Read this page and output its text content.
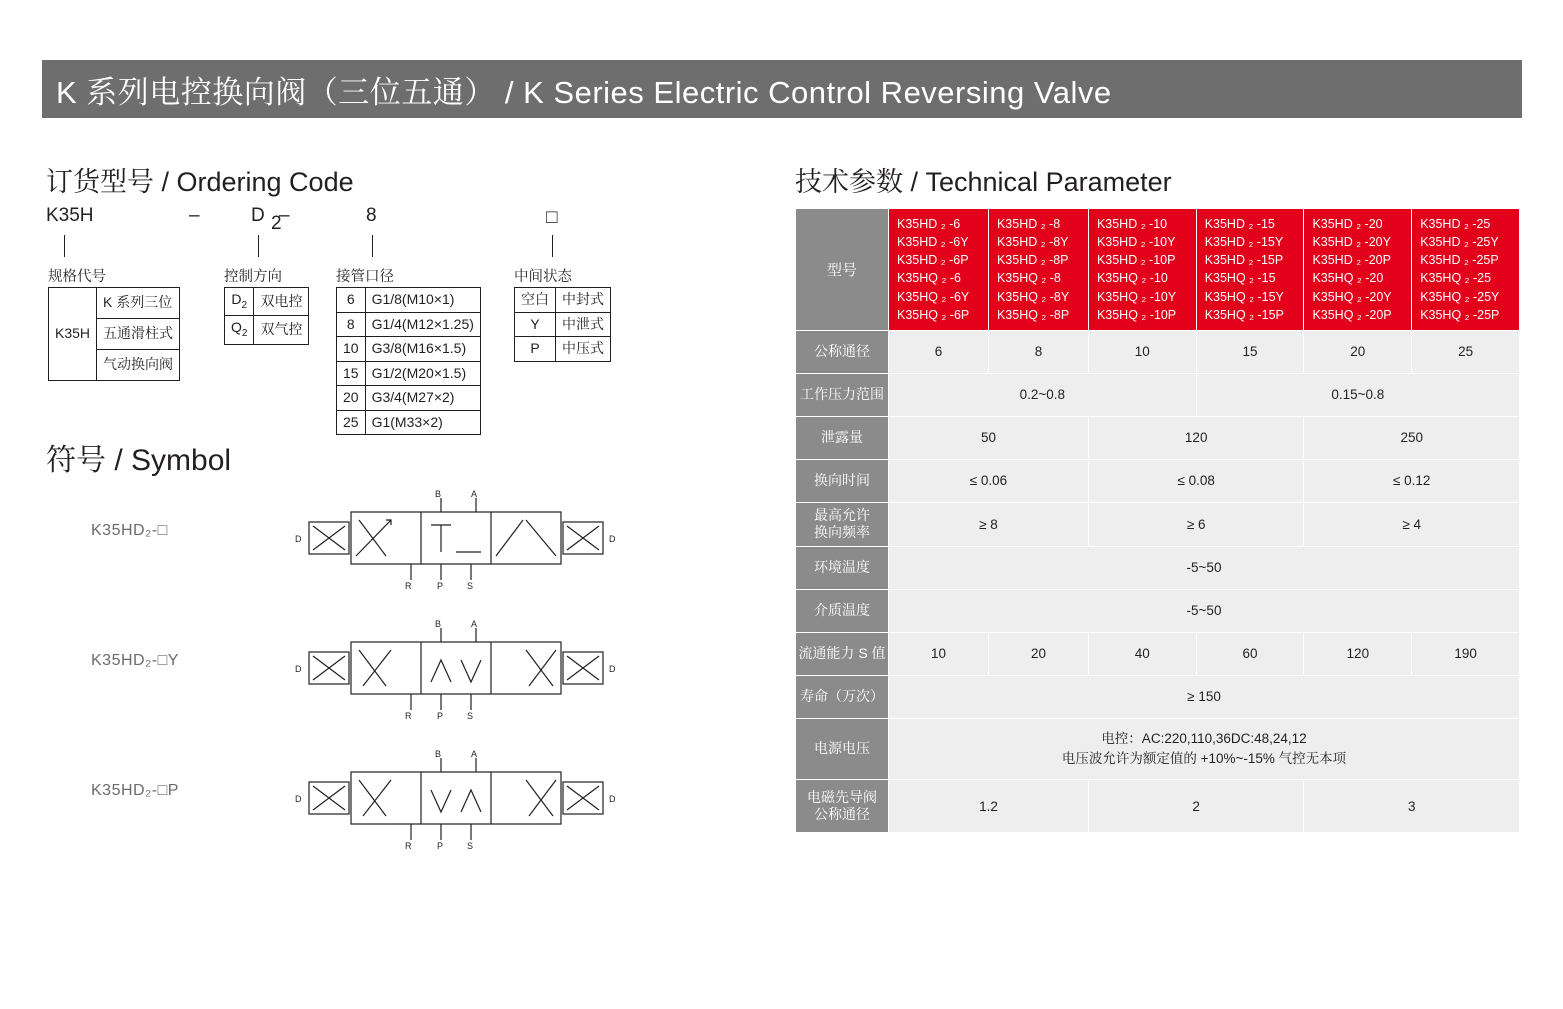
K 系列电控换向阀（三位五通） / K Series Electric Control Reversing Valve
订货型号 / Ordering Code
K35H	–	D 2
–	8	□
规格代号	控制方向	接管口径	中间状态
K35H	K 系列三位
五通滑柱式
气动换向阀
$D_2$	双电控
$Q_2$	双气控
6	G1/8(M10×1)
8	G1/4(M12×1.25)
10	G3/8(M16×1.5)
15	G1/2(M20×1.5)
20	G3/4(M27×2)
25	G1(M33×2)
空白	中封式
Y	中泄式
P	中压式
符号 / Symbol
K35HD₂-□
B	A
R	P	S
D	D
K35HD₂-□Y
B	A
R	P	S
D	D
K35HD₂-□P
B	A
R	P	S
D	D
技术参数 / Technical Parameter
型号	
K35HD ₂ -6
K35HD ₂ -6Y
K35HD ₂ -6P
K35HQ ₂ -6
K35HQ ₂ -6Y
K35HQ ₂ -6P

K35HD ₂ -8
K35HD ₂ -8Y
K35HD ₂ -8P
K35HQ ₂ -8
K35HQ ₂ -8Y
K35HQ ₂ -8P

K35HD ₂ -10
K35HD ₂ -10Y
K35HD ₂ -10P
K35HQ ₂ -10
K35HQ ₂ -10Y
K35HQ ₂ -10P

K35HD ₂ -15
K35HD ₂ -15Y
K35HD ₂ -15P
K35HQ ₂ -15
K35HQ ₂ -15Y
K35HQ ₂ -15P

K35HD ₂ -20
K35HD ₂ -20Y
K35HD ₂ -20P
K35HQ ₂ -20
K35HQ ₂ -20Y
K35HQ ₂ -20P

K35HD ₂ -25
K35HD ₂ -25Y
K35HD ₂ -25P
K35HQ ₂ -25
K35HQ ₂ -25Y
K35HQ ₂ -25P

公称通径	6	8	10	15	20	25
工作压力范围	0.2~0.8			0.15~0.8		
泄露量	50		120		250	
换向时间	≤ 0.06		≤ 0.08		≤ 0.12	
最高允许
换向频率	≥ 8		≥ 6		≥ 4	
环境温度	-5~50					
介质温度	-5~50					
流通能力 S 值	10	20	40	60	120	190
寿命（万次）	≥ 150					
电源电压	电控：AC:220,110,36DC:48,24,12
电压波允许为额定值的 +10%~-15% 气控无本项					
电磁先导阀
公称通径	1.2		2		3	
